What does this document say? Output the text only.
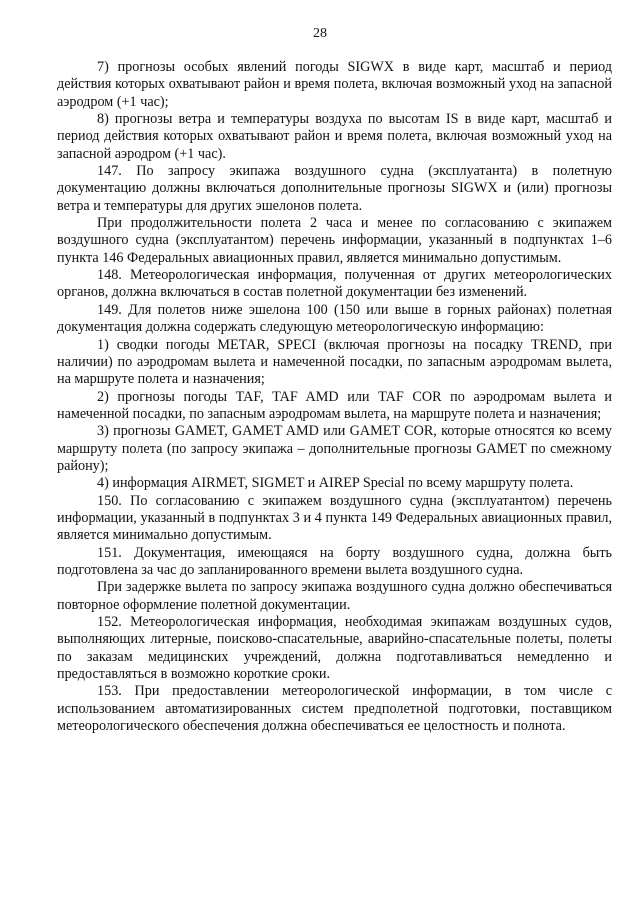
28

7) прогнозы особых явлений погоды SIGWX в виде карт, масштаб и период действия которых охватывают район и время полета, включая возможный уход на запасной аэродром (+1 час);

8) прогнозы ветра и температуры воздуха по высотам IS в виде карт, масштаб и период действия которых охватывают район и время полета, включая возможный уход на запасной аэродром (+1 час).

147. По запросу экипажа воздушного судна (эксплуатанта) в полетную документацию должны включаться дополнительные прогнозы SIGWX и (или) прогнозы ветра и температуры для других эшелонов полета.

При продолжительности полета 2 часа и менее по согласованию с экипажем воздушного судна (эксплуатантом) перечень информации, указанный в подпунктах 1–6 пункта 146 Федеральных авиационных правил, является минимально допустимым.

148. Метеорологическая информация, полученная от других метеорологических органов, должна включаться в состав полетной документации без изменений.

149. Для полетов ниже эшелона 100 (150 или выше в горных районах) полетная документация должна содержать следующую метеорологическую информацию:

1) сводки погоды METAR, SPECI (включая прогнозы на посадку TREND, при наличии) по аэродромам вылета и намеченной посадки, по запасным аэродромам вылета, на маршруте полета и назначения;

2) прогнозы погоды TAF, TAF AMD или TAF COR по аэродромам вылета и намеченной посадки, по запасным аэродромам вылета, на маршруте полета и назначения;

3) прогнозы GAMET, GAMET AMD или GAMET COR, которые относятся ко всему маршруту полета (по запросу экипажа – дополнительные прогнозы GAMET по смежному району);

4) информация AIRMET, SIGMET и AIREP Special по всему маршруту полета.

150. По согласованию с экипажем воздушного судна (эксплуатантом) перечень информации, указанный в подпунктах 3 и 4 пункта 149 Федеральных авиационных правил, является минимально допустимым.

151. Документация, имеющаяся на борту воздушного судна, должна быть подготовлена за час до запланированного времени вылета воздушного судна.

При задержке вылета по запросу экипажа воздушного судна должно обеспечиваться повторное оформление полетной документации.

152. Метеорологическая информация, необходимая экипажам воздушных судов, выполняющих литерные, поисково-спасательные, аварийно-спасательные полеты, полеты по заказам медицинских учреждений, должна подготавливаться немедленно и предоставляться в возможно короткие сроки.

153. При предоставлении метеорологической информации, в том числе с использованием автоматизированных систем предполетной подготовки, поставщиком метеорологического обеспечения должна обеспечиваться ее целостность и полнота.
